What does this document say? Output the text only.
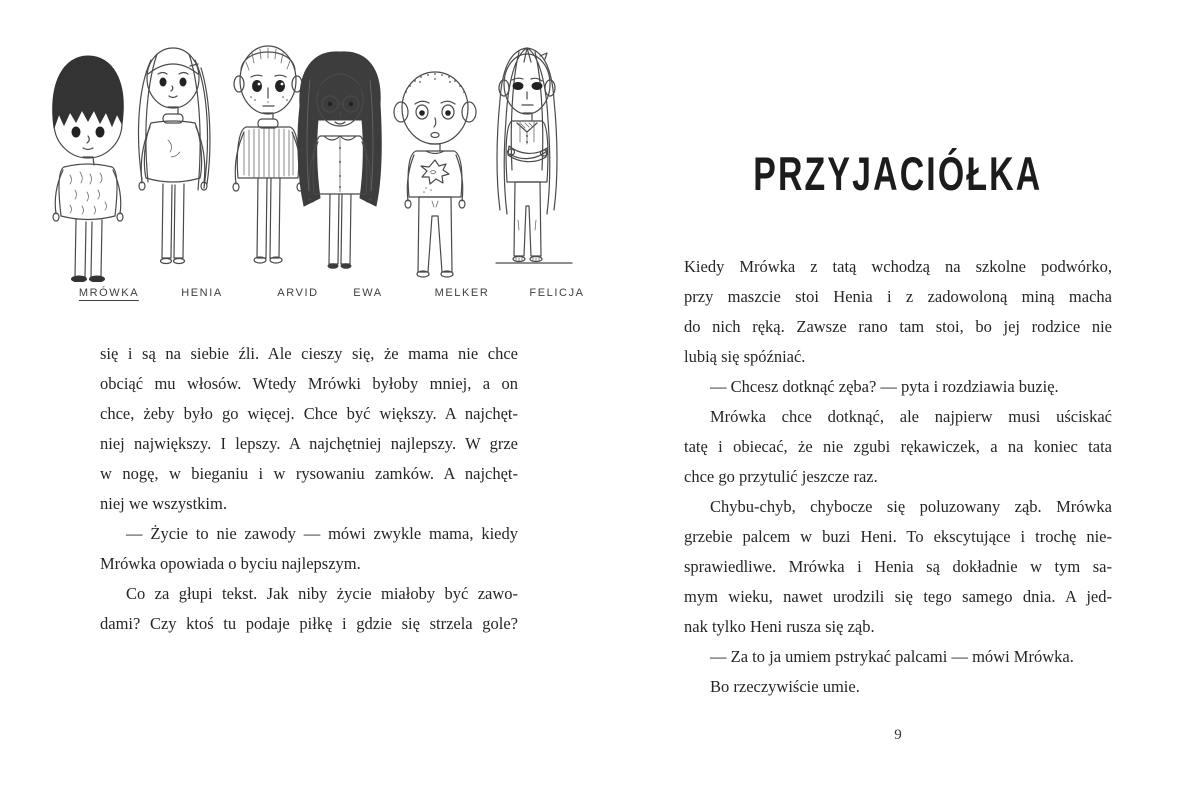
MRÓWKA	HENIA	ARVID	EWA	MELKER	FELICJA
się i są na siebie źli. Ale cieszy się, że mama nie chce
obciąć mu włosów. Wtedy Mrówki byłoby mniej, a on
chce, żeby było go więcej. Chce być większy. A najchęt-
niej największy. I lepszy. A najchętniej najlepszy. W grze
w nogę, w bieganiu i w rysowaniu zamków. A najchęt-
niej we wszystkim.
— Życie to nie zawody — mówi zwykle mama, kiedy
Mrówka opowiada o byciu najlepszym.
Co za głupi tekst. Jak niby życie miałoby być zawo-
dami? Czy ktoś tu podaje piłkę i gdzie się strzela gole?
PRZYJACIÓŁKA
Kiedy Mrówka z tatą wchodzą na szkolne podwórko,
przy maszcie stoi Henia i z zadowoloną miną macha
do nich ręką. Zawsze rano tam stoi, bo jej rodzice nie
lubią się spóźniać.
— Chcesz dotknąć zęba? — pyta i rozdziawia buzię.
Mrówka chce dotknąć, ale najpierw musi uściskać
tatę i obiecać, że nie zgubi rękawiczek, a na koniec tata
chce go przytulić jeszcze raz.
Chybu-chyb, chybocze się poluzowany ząb. Mrówka
grzebie palcem w buzi Heni. To ekscytujące i trochę nie-
sprawiedliwe. Mrówka i Henia są dokładnie w tym sa-
mym wieku, nawet urodzili się tego samego dnia. A jed-
nak tylko Heni rusza się ząb.
— Za to ja umiem pstrykać palcami — mówi Mrówka.
Bo rzeczywiście umie.
9
